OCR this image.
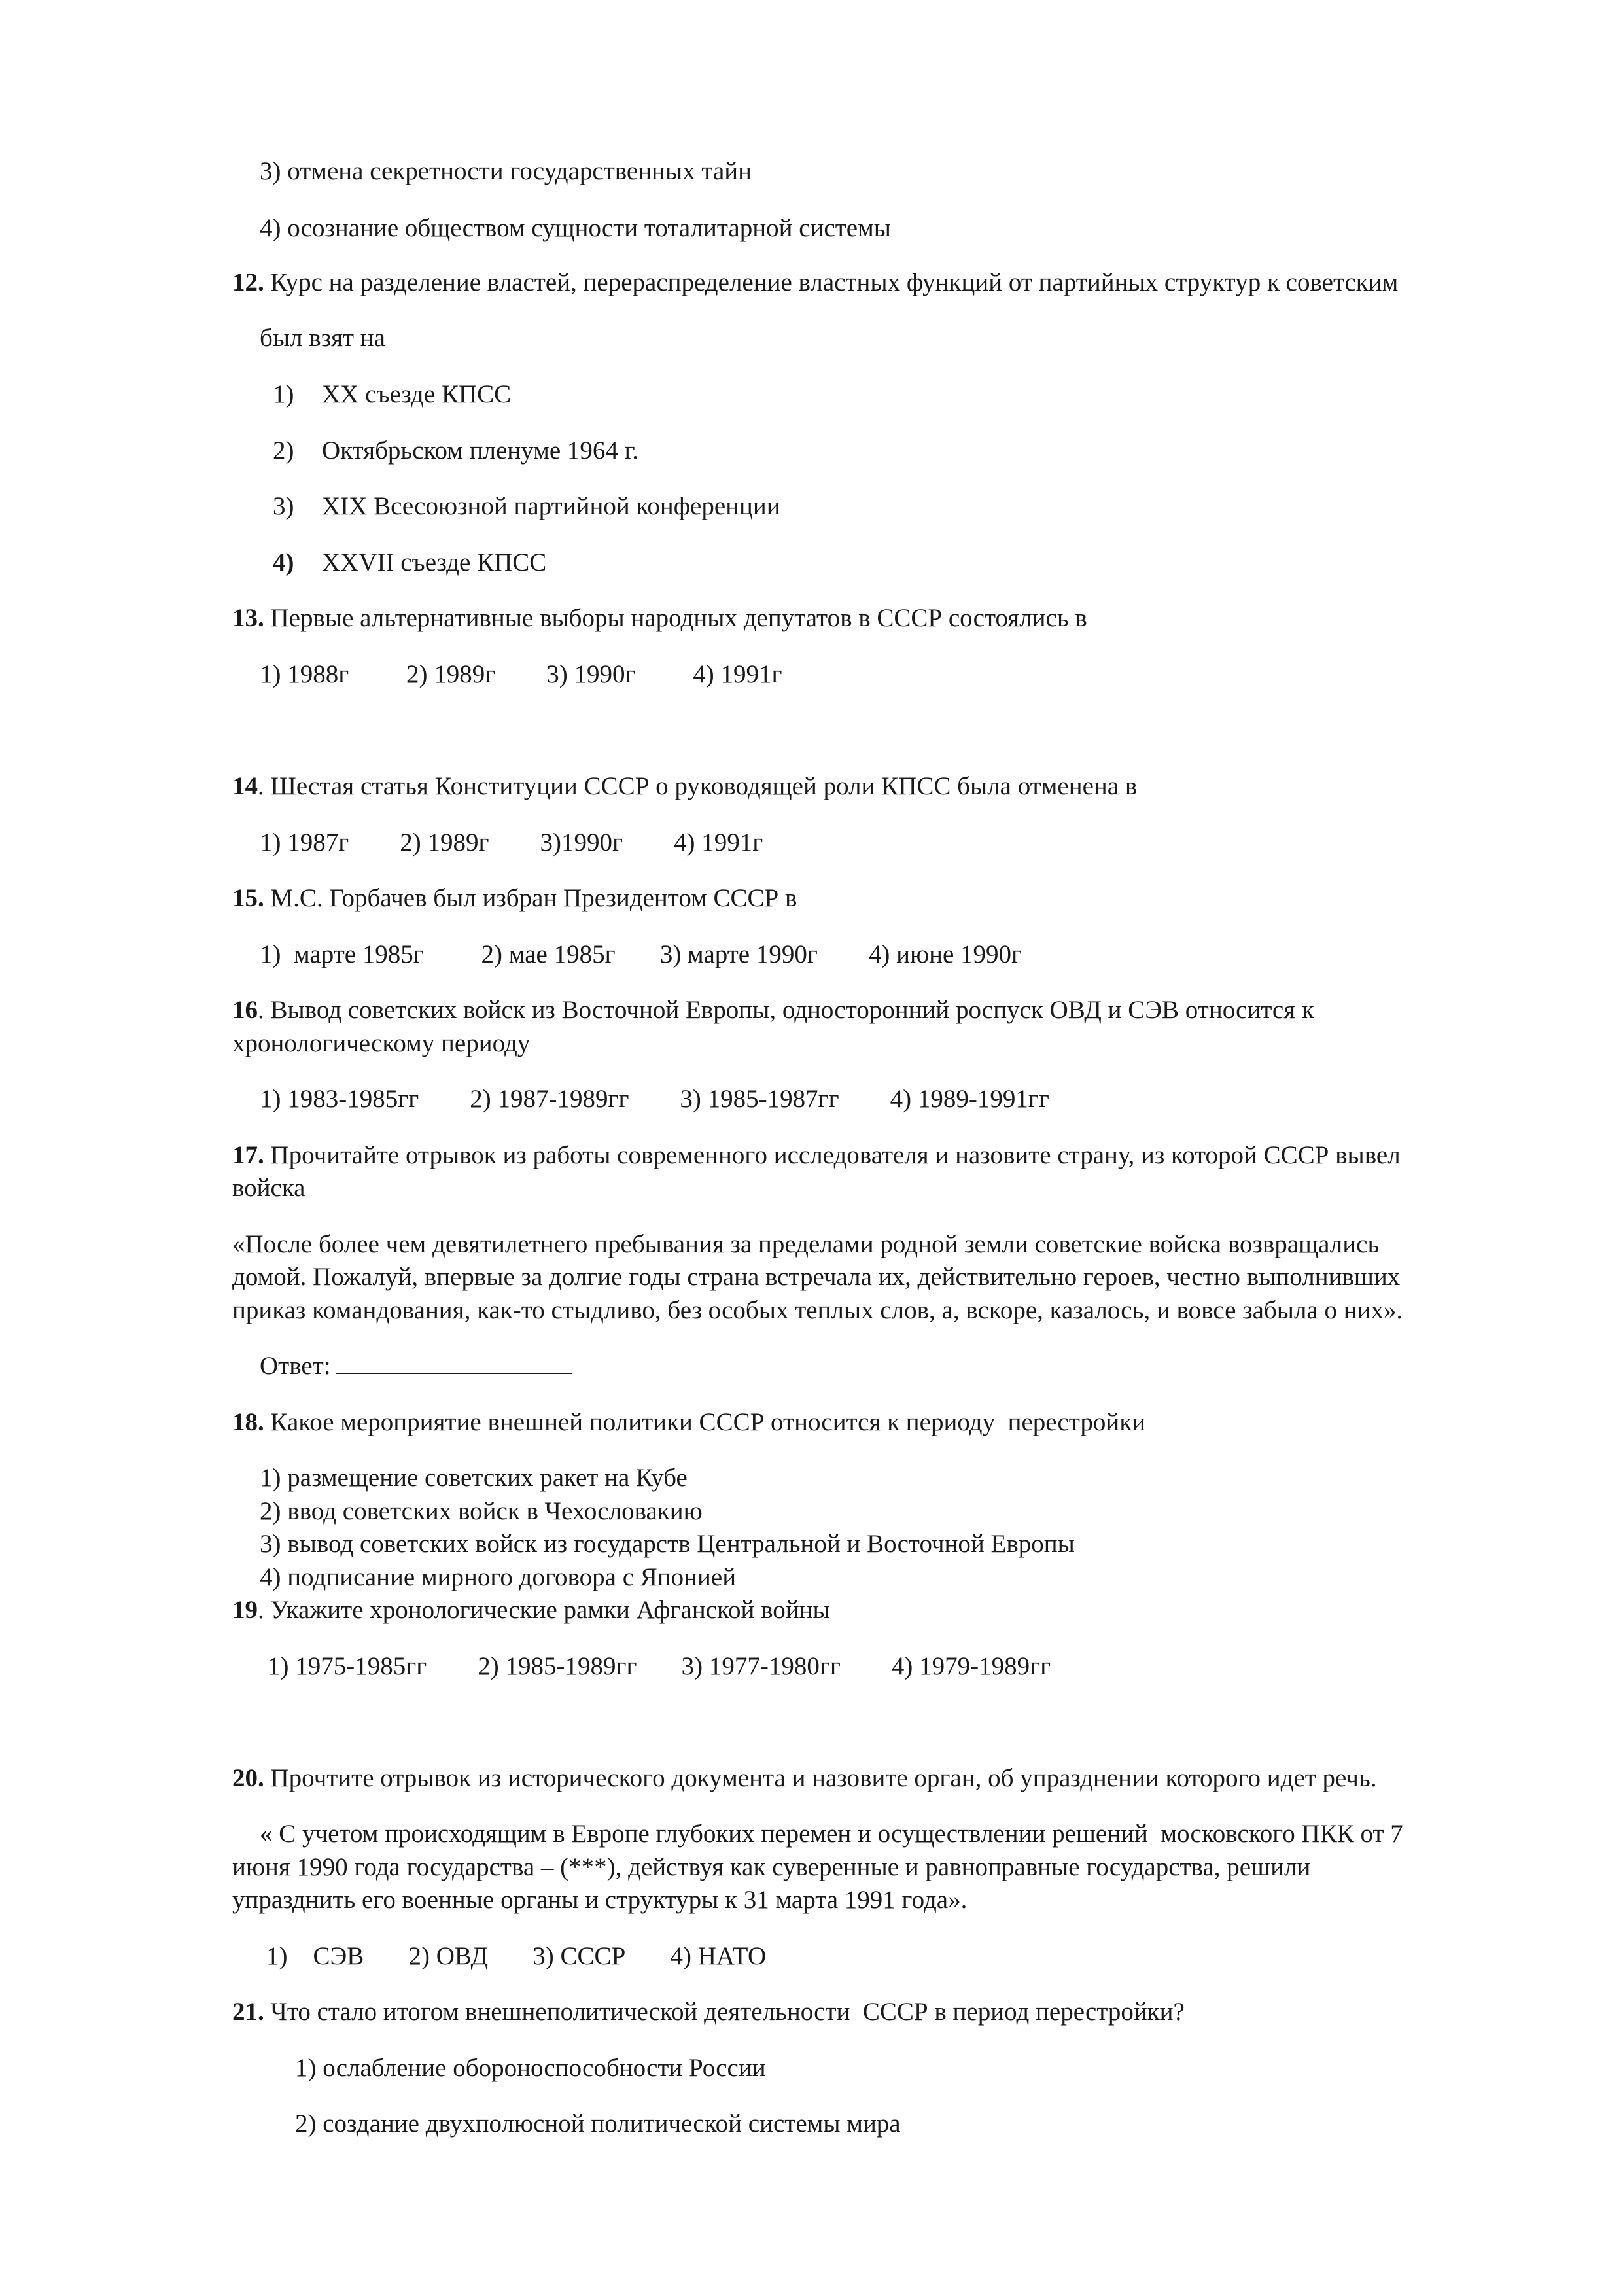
3) отмена секретности государственных тайн
4) осознание обществом сущности тоталитарной системы
12. Курс на разделение властей, перераспределение властных функций от партийных структур к советским
был взят на
1) XX съезде КПСС
2) Октябрьском пленуме 1964 г.
3) XIX Всесоюзной партийной конференции
4) XXVII съезде КПСС
13. Первые альтернативные выборы народных депутатов в СССР состоялись в
1) 1988г         2) 1989г        3) 1990г         4) 1991г
14. Шестая статья Конституции СССР о руководящей роли КПСС была отменена в
1) 1987г        2) 1989г        3)1990г        4) 1991г
15. М.С. Горбачев был избран Президентом СССР в
1)  марте 1985г         2) мае 1985г       3) марте 1990г        4) июне 1990г
16. Вывод советских войск из Восточной Европы, односторонний роспуск ОВД и СЭВ относится к
хронологическому периоду
1) 1983-1985гг        2) 1987-1989гг        3) 1985-1987гг        4) 1989-1991гг
17. Прочитайте отрывок из работы современного исследователя и назовите страну, из которой СССР вывел
войска
«После более чем девятилетнего пребывания за пределами родной земли советские войска возвращались
домой. Пожалуй, впервые за долгие годы страна встречала их, действительно героев, честно выполнивших
приказ командования, как-то стыдливо, без особых теплых слов, а, вскоре, казалось, и вовсе забыла о них».
Ответ:
18. Какое мероприятие внешней политики СССР относится к периоду  перестройки
1) размещение советских ракет на Кубе
2) ввод советских войск в Чехословакию
3) вывод советских войск из государств Центральной и Восточной Европы
4) подписание мирного договора с Японией
19. Укажите хронологические рамки Афганской войны
1) 1975-1985гг        2) 1985-1989гг       3) 1977-1980гг        4) 1979-1989гг
20. Прочтите отрывок из исторического документа и назовите орган, об упразднении которого идет речь.
« С учетом происходящим в Европе глубоких перемен и осуществлении решений  московского ПКК от 7
июня 1990 года государства – (***), действуя как суверенные и равноправные государства, решили
упразднить его военные органы и структуры к 31 марта 1991 года».
1)    СЭВ       2) ОВД       3) СССР       4) НАТО
21. Что стало итогом внешнеполитической деятельности  СССР в период перестройки?
1) ослабление обороноспособности России
2) создание двухполюсной политической системы мира
